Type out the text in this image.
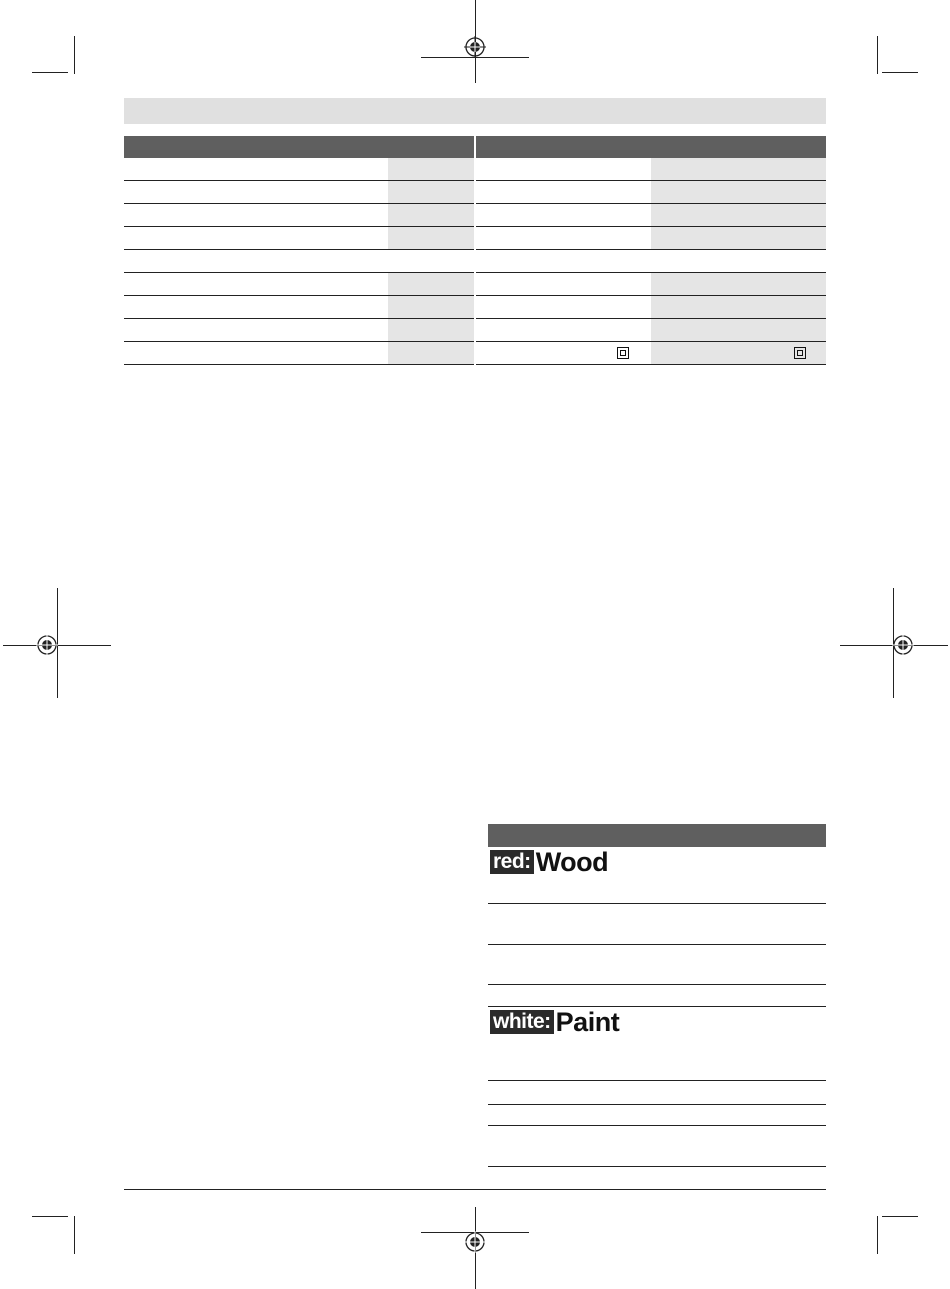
red: Wood
white: Paint
